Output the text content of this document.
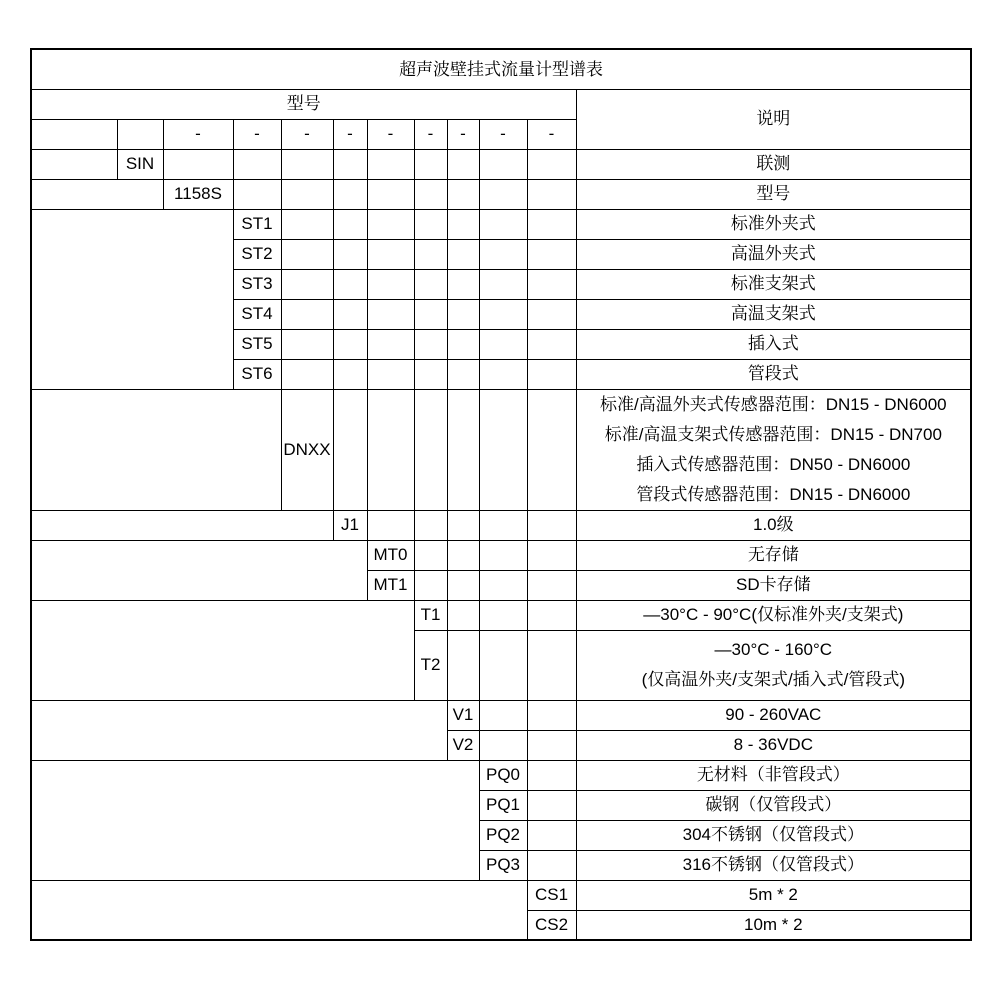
超声波壁挂式流量计型谱表											
型号											说明
		-	-	-	-	-	-	-	-	-	
公司名称	SIN										联测
型号		1158S									型号
传感器类型			ST1								标准外夹式
			ST2								高温外夹式
			ST3								标准支架式
			ST4								高温支架式
			ST5								插入式
			ST6								管段式
公称通径				DNXX							标准/高温外夹式传感器范围：DN15 - DN6000
标准/高温支架式传感器范围：DN15 - DN700
插入式传感器范围：DN50 - DN6000
管段式传感器范围：DN15 - DN6000

精度等级					J1						1.0级
存储类型						MT0					无存储
						MT1					SD卡存储
耐温等级							T1				—30°C - 90°C(仅标准外夹/支架式)
							T2				—30°C - 160°C
(仅高温外夹/支架式/插入式/管段式)

供电电源								V1			90 - 260VAC
								V2			8 - 36VDC
管道材质									PQ0		无材料（非管段式）
									PQ1		碳钢（仅管段式）
									PQ2		304不锈钢（仅管段式）
									PQ3		316不锈钢（仅管段式）
线缆长度										CS1	5m * 2
										CS2	10m * 2
